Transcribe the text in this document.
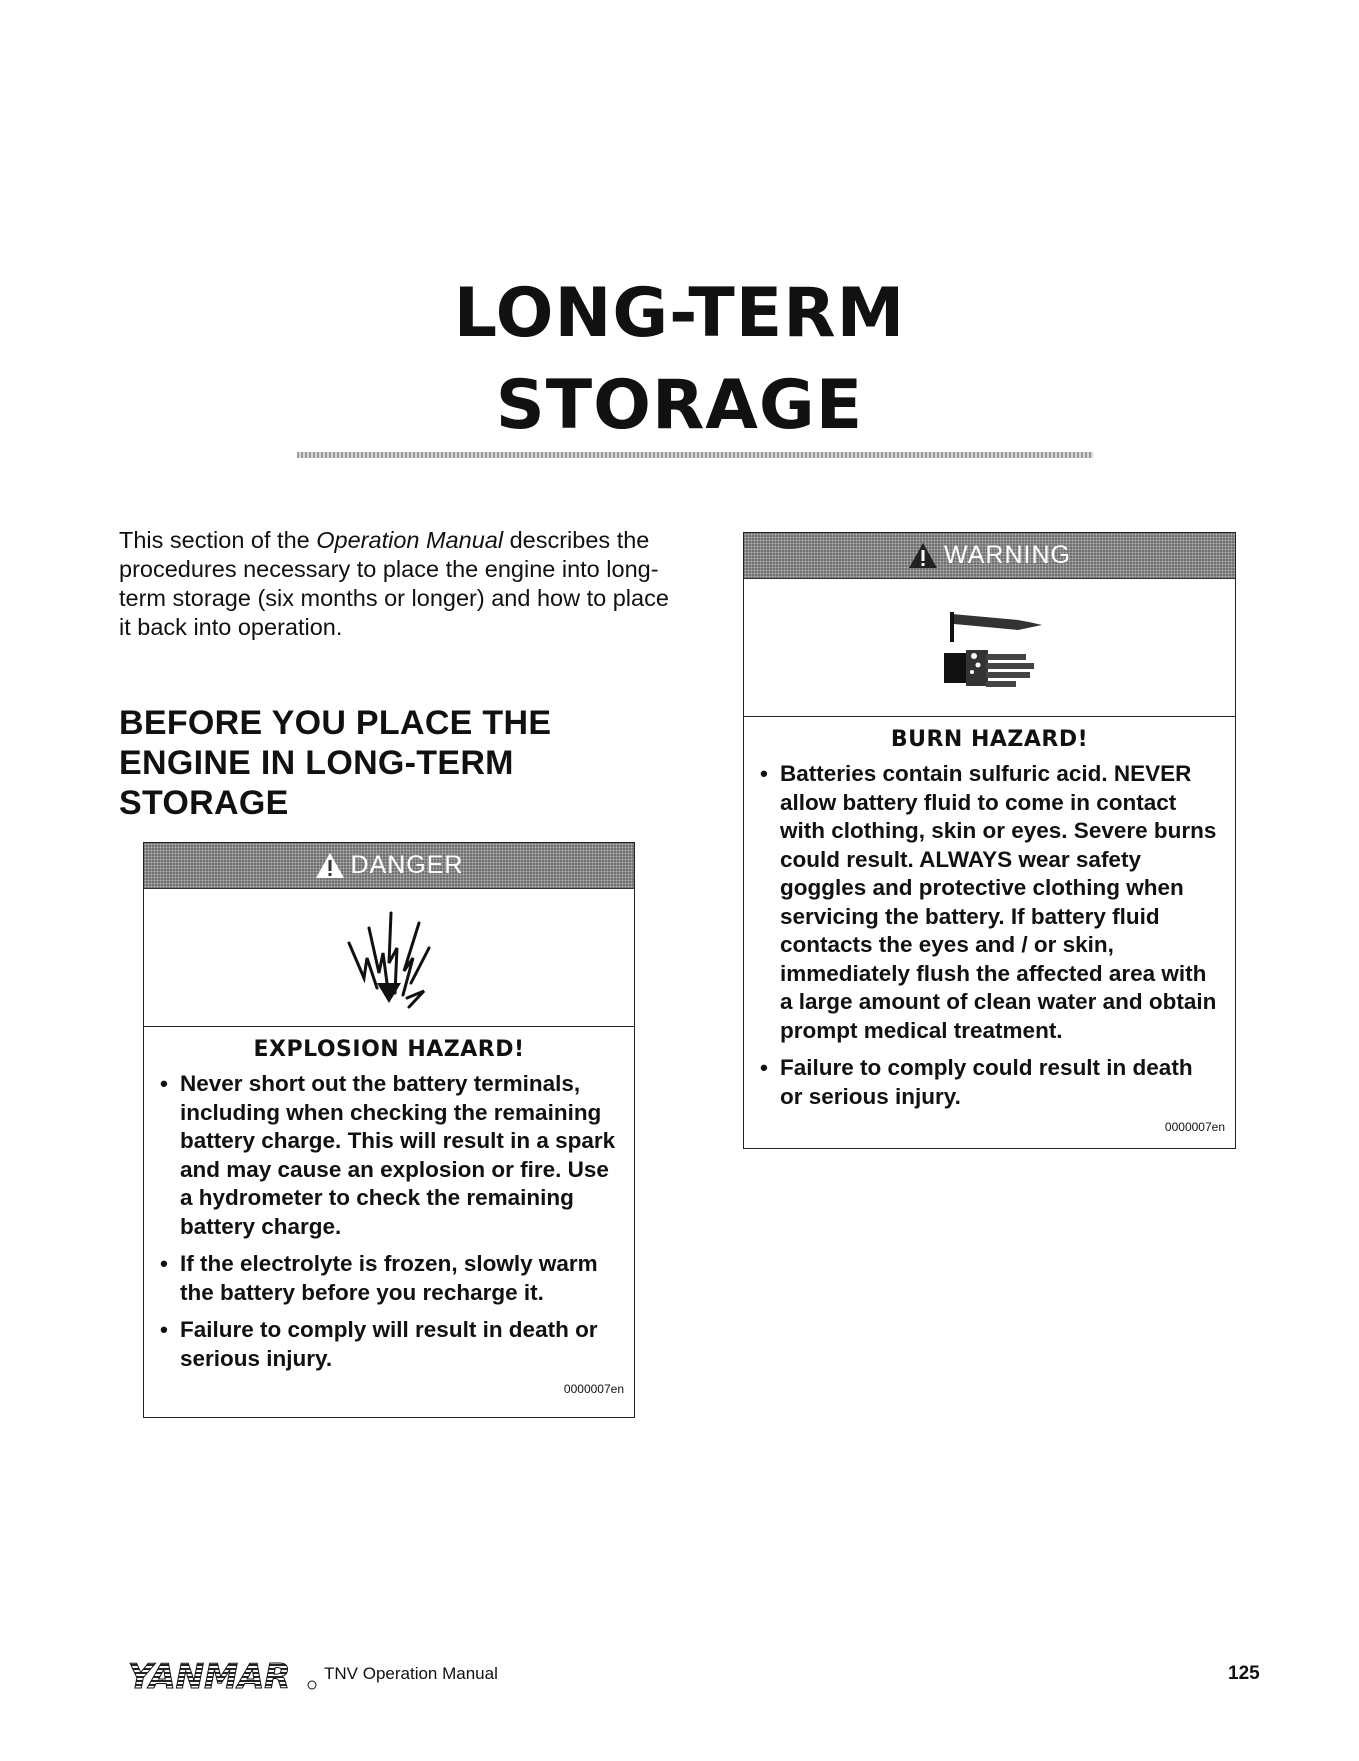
LONG-TERM
STORAGE

This section of the Operation Manual describes the procedures necessary to place the engine into long-term storage (six months or longer) and how to place it back into operation.

BEFORE YOU PLACE THE ENGINE IN LONG-TERM STORAGE
DANGER
EXPLOSION HAZARD!
• Never short out the battery terminals, including when checking the remaining battery charge. This will result in a spark and may cause an explosion or fire. Use a hydrometer to check the remaining battery charge.
• If the electrolyte is frozen, slowly warm the battery before you recharge it.
• Failure to comply will result in death or serious injury.
0000007en
WARNING
BURN HAZARD!
• Batteries contain sulfuric acid. NEVER allow battery fluid to come in contact with clothing, skin or eyes. Severe burns could result. ALWAYS wear safety goggles and protective clothing when servicing the battery. If battery fluid contacts the eyes and / or skin, immediately flush the affected area with a large amount of clean water and obtain prompt medical treatment.
• Failure to comply could result in death or serious injury.
0000007en
YANMAR TNV Operation Manual	125
